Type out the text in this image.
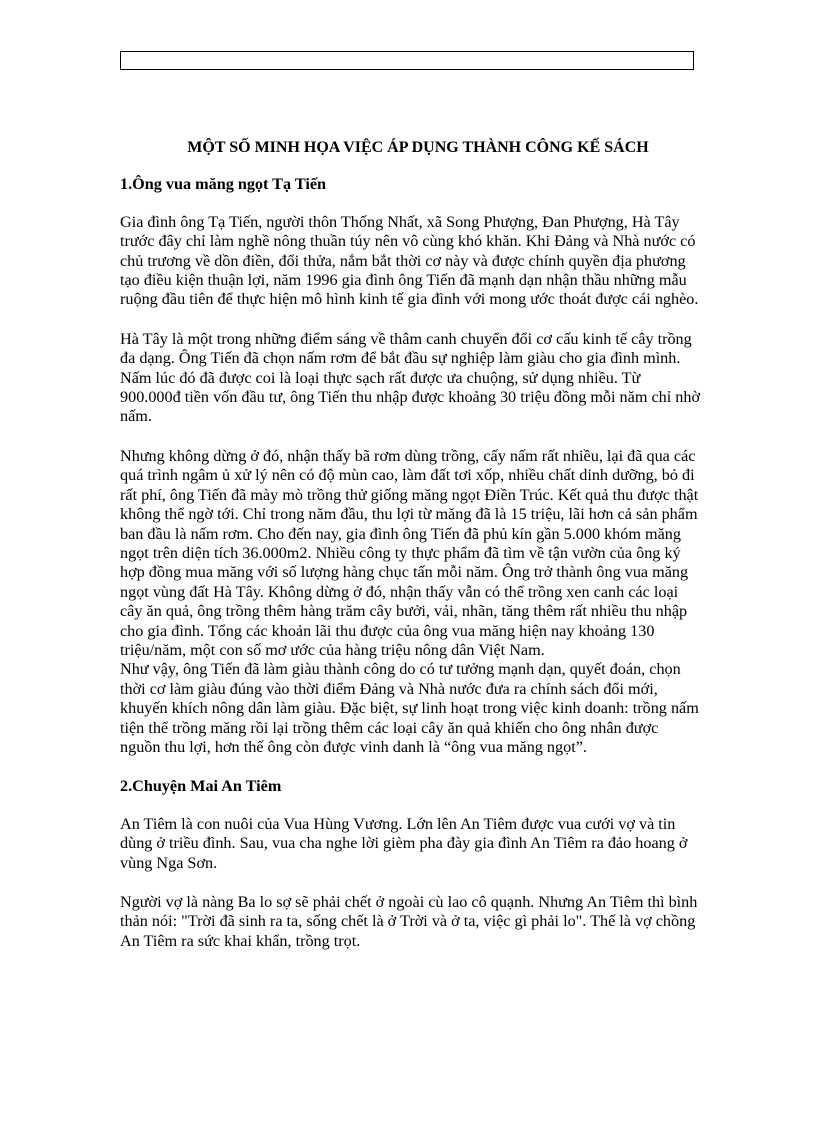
MỘT SỐ MINH HỌA VIỆC ÁP DỤNG THÀNH CÔNG KẾ SÁCH
1.Ông vua măng ngọt Tạ Tiến

Gia đình ông Tạ Tiến, người thôn Thống Nhất, xã Song Phượng, Đan Phượng, Hà Tây trước đây chỉ làm nghề nông thuần túy nên vô cùng khó khăn. Khi Đảng và Nhà nước có chủ trương về dồn điền, đổi thửa, nắm bắt thời cơ này và được chính quyền địa phương tạo điều kiện thuận lợi, năm 1996 gia đình ông Tiến đã mạnh dạn nhận thầu những mẫu ruộng đầu tiên để thực hiện mô hình kinh tế gia đình với mong ước thoát được cái nghèo.

Hà Tây là một trong những điểm sáng về thâm canh chuyển đổi cơ cấu kinh tế cây trồng đa dạng. Ông Tiến đã chọn nấm rơm để bắt đầu sự nghiệp làm giàu cho gia đình mình. Nấm lúc đó đã được coi là loại thực sạch rất được ưa chuộng, sử dụng nhiều. Từ 900.000đ tiền vốn đầu tư, ông Tiến thu nhập được khoảng 30 triệu đồng mỗi năm chỉ nhờ nấm.

Nhưng không dừng ở đó, nhận thấy bã rơm dùng trồng, cấy nấm rất nhiều, lại đã qua các quá trình ngâm ủ xử lý nên có độ mùn cao, làm đất tơi xốp, nhiều chất dinh dưỡng, bỏ đi rất phí, ông Tiến đã mày mò trồng thử giống măng ngọt Điền Trúc. Kết quả thu được thật không thể ngờ tới. Chỉ trong năm đầu, thu lợi từ măng đã là 15 triệu, lãi hơn cả sản phẩm ban đầu là nấm rơm. Cho đến nay, gia đình ông Tiến đã phủ kín gần 5.000 khóm măng ngọt trên diện tích 36.000m2. Nhiều công ty thực phẩm đã tìm về tận vườn của ông ký hợp đồng mua măng với số lượng hàng chục tấn mỗi năm. Ông trở thành ông vua măng ngọt vùng đất Hà Tây. Không dừng ở đó, nhận thấy vẫn có thể trồng xen canh các loại cây ăn quả, ông trồng thêm hàng trăm cây bưởi, vải, nhãn, tăng thêm rất nhiều thu nhập cho gia đình. Tổng các khoản lãi thu được của ông vua măng hiện nay khoảng 130 triệu/năm, một con số mơ ước của hàng triệu nông dân Việt Nam.

Như vậy, ông Tiến đã làm giàu thành công do có tư tưởng mạnh dạn, quyết đoán, chọn thời cơ làm giàu đúng vào thời điểm Đảng và Nhà nước đưa ra chính sách đổi mới, khuyến khích nông dân làm giàu. Đặc biệt, sự linh hoạt trong việc kinh doanh: trồng nấm tiện thể trồng măng rồi lại trồng thêm các loại cây ăn quả khiến cho ông nhân được nguồn thu lợi, hơn thế ông còn được vinh danh là “ông vua măng ngọt”.

2.Chuyện Mai An Tiêm

An Tiêm là con nuôi của Vua Hùng Vương. Lớn lên An Tiêm được vua cưới vợ và tin dùng ở triều đình. Sau, vua cha nghe lời gièm pha đày gia đình An Tiêm ra đảo hoang ở vùng Nga Sơn.

Người vợ là nàng Ba lo sợ sẽ phải chết ở ngoài cù lao cô quạnh. Nhưng An Tiêm thì bình thản nói: "Trời đã sinh ra ta, sống chết là ở Trời và ở ta, việc gì phải lo". Thế là vợ chồng An Tiêm ra sức khai khẩn, trồng trọt.
